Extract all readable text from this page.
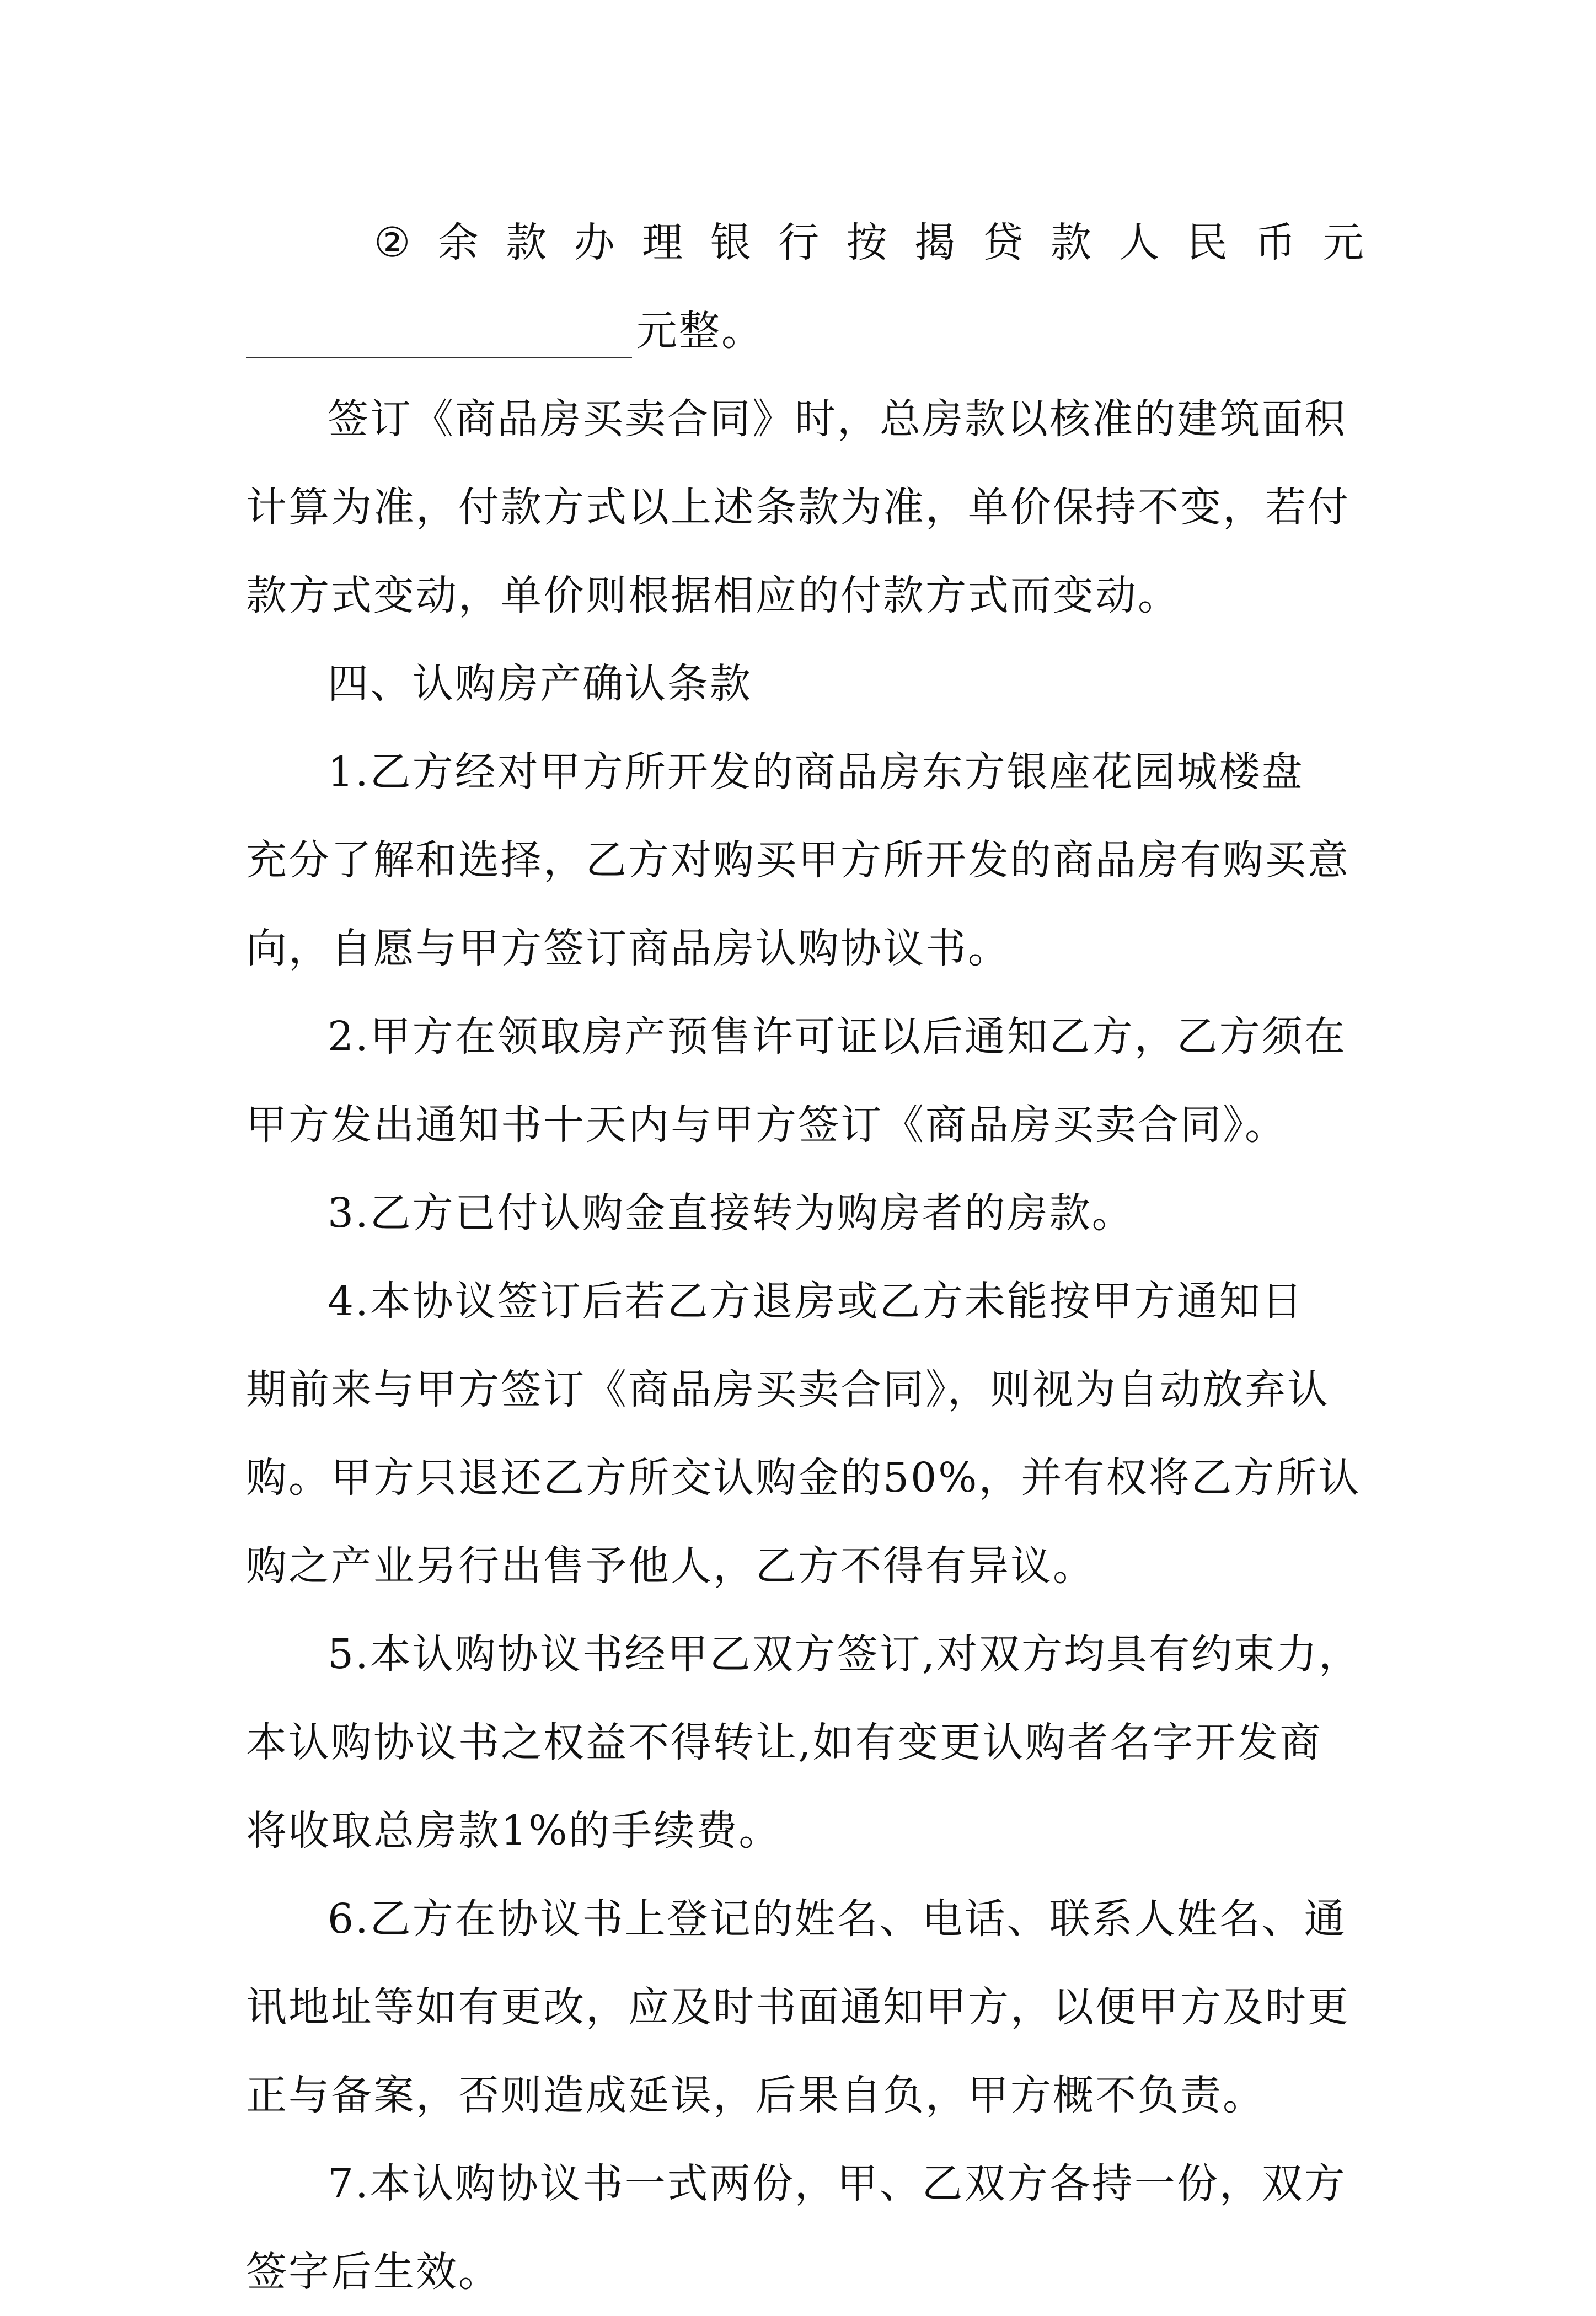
② 余 款 办 理 银 行 按 揭 贷 款 人 民 币 元
元整。
签订《商品房买卖合同》时，总房款以核准的建筑面积
计算为准，付款方式以上述条款为准，单价保持不变，若付
款方式变动，单价则根据相应的付款方式而变动。
四、认购房产确认条款
1.乙方经对甲方所开发的商品房东方银座花园城楼盘
充分了解和选择，乙方对购买甲方所开发的商品房有购买意
向，自愿与甲方签订商品房认购协议书。
2.甲方在领取房产预售许可证以后通知乙方，乙方须在
甲方发出通知书十天内与甲方签订《商品房买卖合同》。
3.乙方已付认购金直接转为购房者的房款。
4.本协议签订后若乙方退房或乙方未能按甲方通知日
期前来与甲方签订《商品房买卖合同》，则视为自动放弃认
购。甲方只退还乙方所交认购金的50%，并有权将乙方所认
购之产业另行出售予他人，乙方不得有异议。
5.本认购协议书经甲乙双方签订,对双方均具有约束力，
本认购协议书之权益不得转让,如有变更认购者名字开发商
将收取总房款1%的手续费。
6.乙方在协议书上登记的姓名、电话、联系人姓名、通
讯地址等如有更改，应及时书面通知甲方，以便甲方及时更
正与备案，否则造成延误，后果自负，甲方概不负责。
7.本认购协议书一式两份，甲、乙双方各持一份，双方
签字后生效。
